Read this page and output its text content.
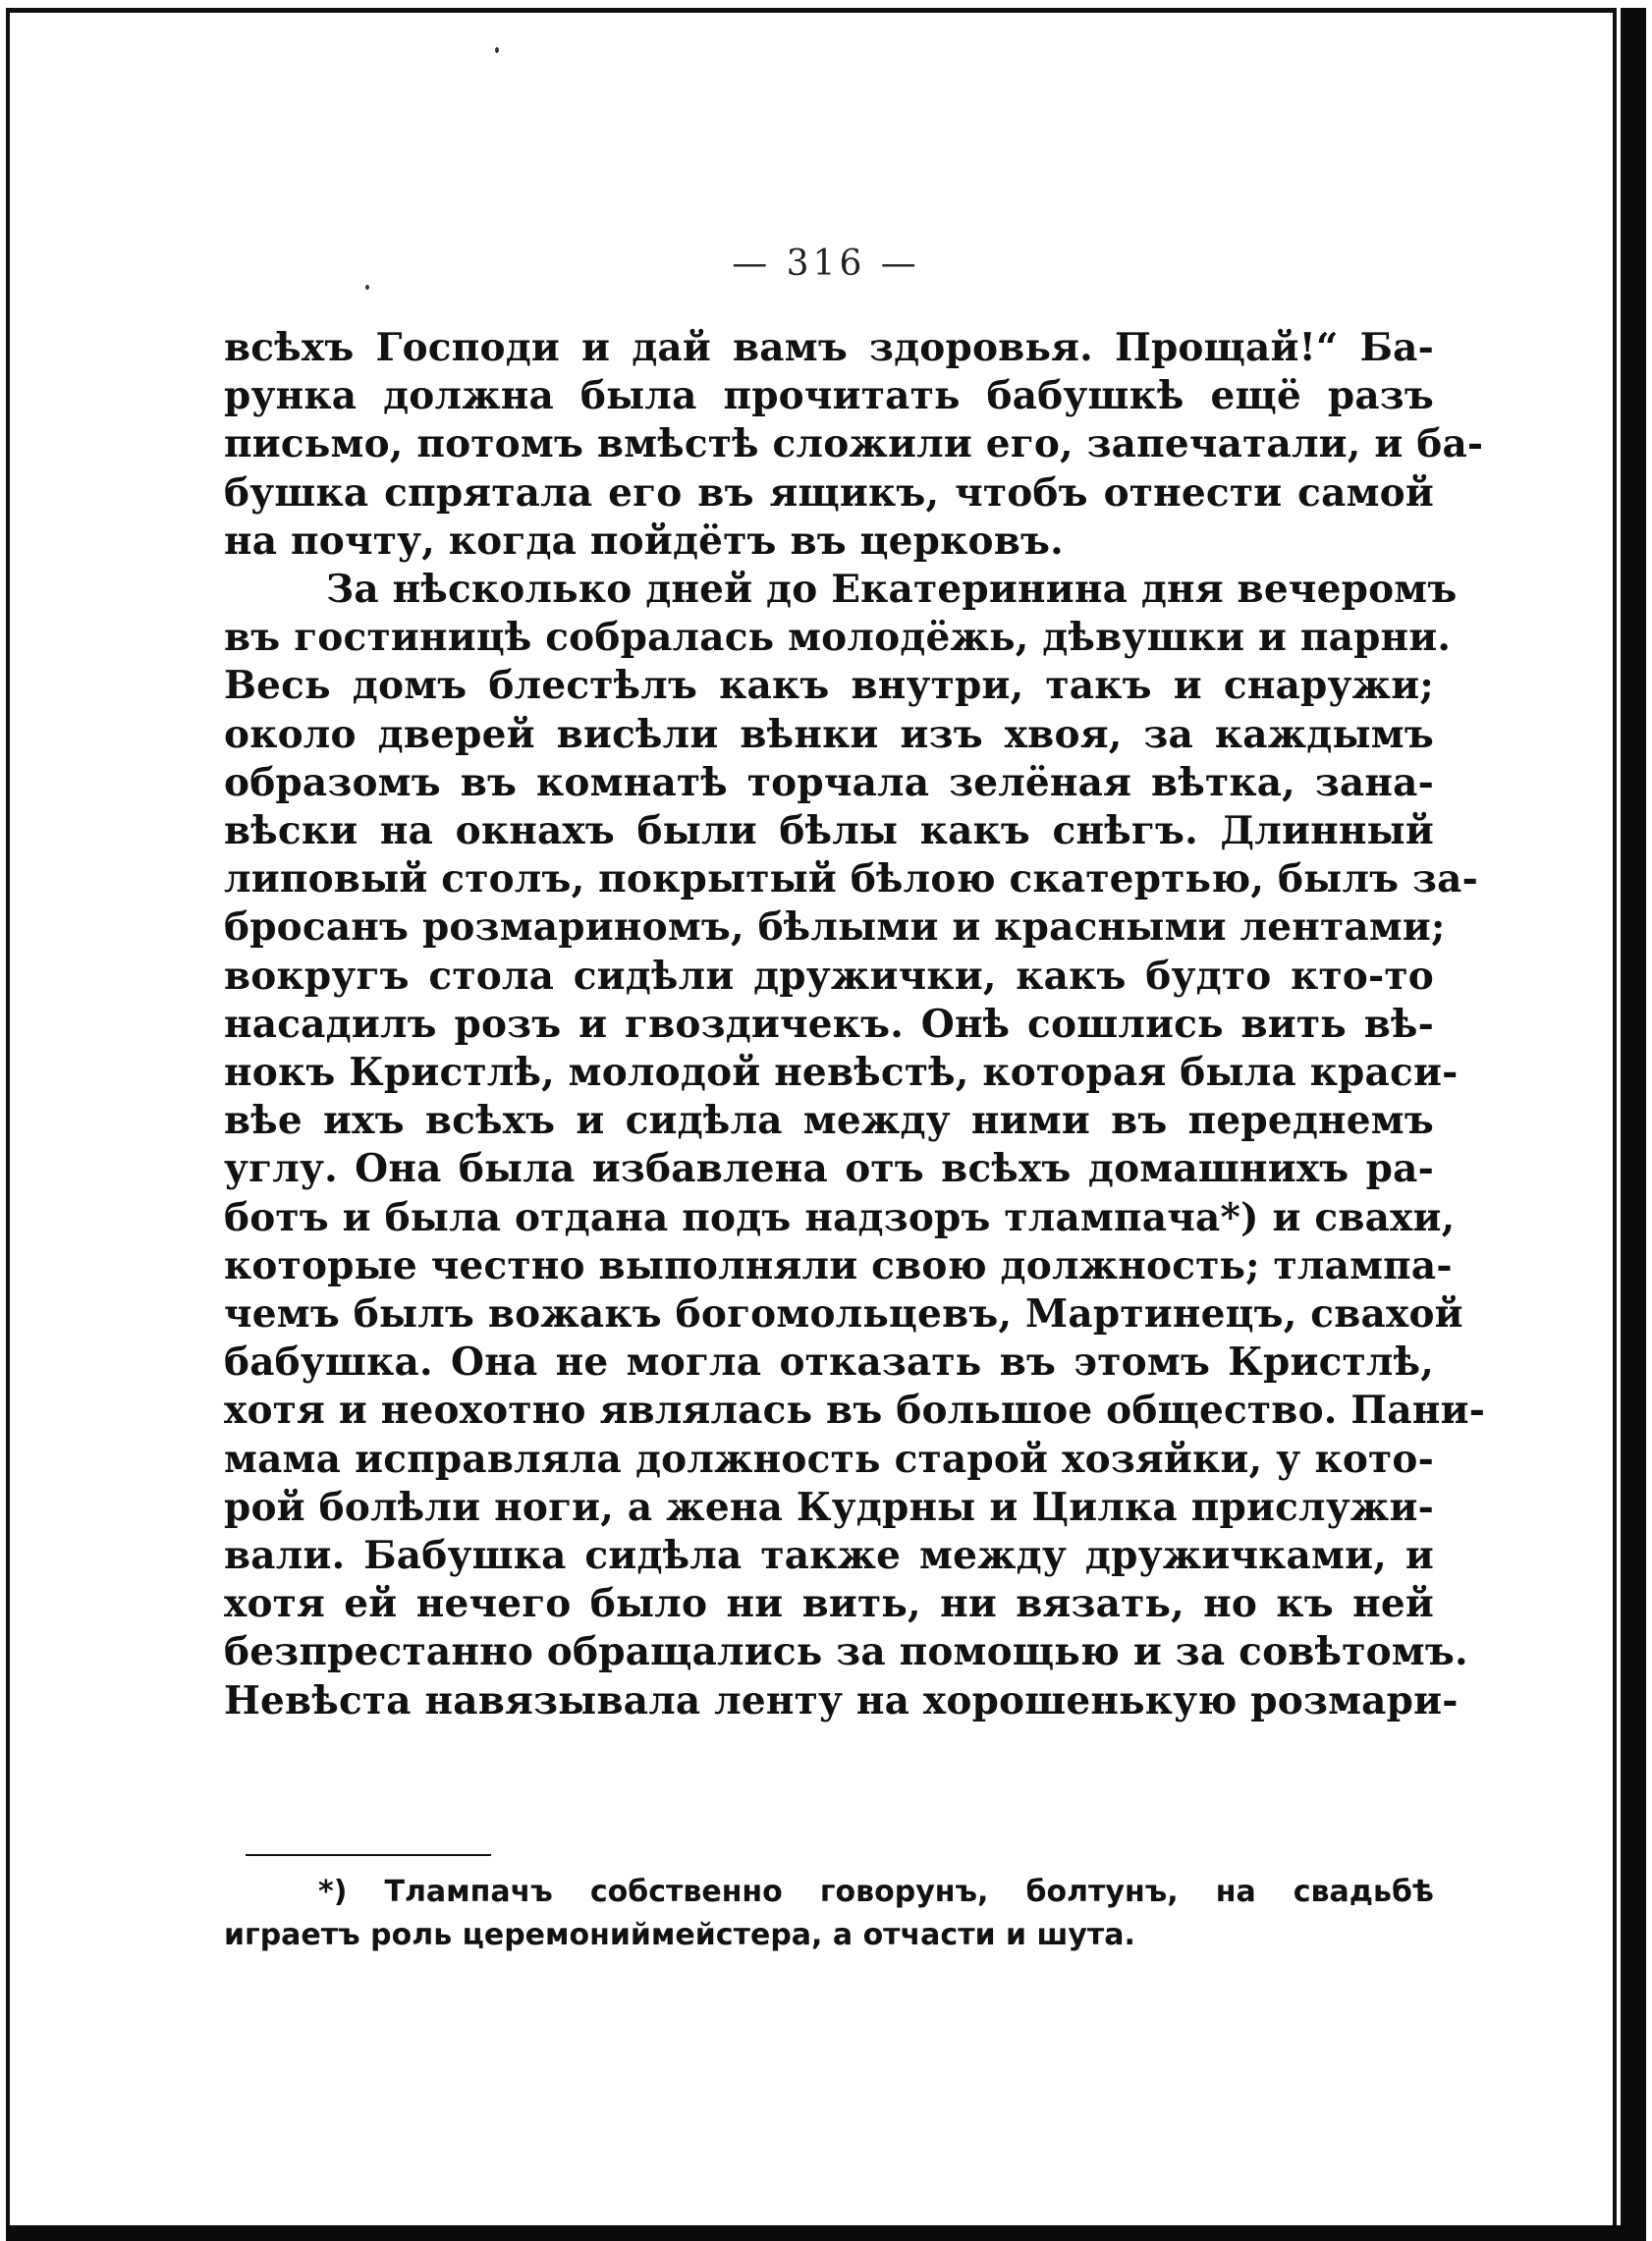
— 316 —
всѣхъ Господи и дай вамъ здоровья. Прощай!“ Ба-
рунка должна была прочитать бабушкѣ ещё разъ
письмо, потомъ вмѣстѣ сложили его, запечатали, и ба-
бушка спрятала его въ ящикъ, чтобъ отнести самой
на почту, когда пойдётъ въ церковъ.
За нѣсколько дней до Екатеринина дня вечеромъ
въ гостиницѣ собралась молодёжь, дѣвушки и парни.
Весь домъ блестѣлъ какъ внутри, такъ и снаружи;
около дверей висѣли вѣнки изъ хвоя, за каждымъ
образомъ въ комнатѣ торчала зелёная вѣтка, зана-
вѣски на окнахъ были бѣлы какъ снѣгъ. Длинный
липовый столъ, покрытый бѣлою скатертью, былъ за-
бросанъ розмариномъ, бѣлыми и красными лентами;
вокругъ стола сидѣли дружички, какъ будто кто-то
насадилъ розъ и гвоздичекъ. Онѣ сошлись вить вѣ-
нокъ Кристлѣ, молодой невѣстѣ, которая была краси-
вѣе ихъ всѣхъ и сидѣла между ними въ переднемъ
углу. Она была избавлена отъ всѣхъ домашнихъ ра-
ботъ и была отдана подъ надзоръ тлампача*) и свахи,
которые честно выполняли свою должность; тлампа-
чемъ былъ вожакъ богомольцевъ, Мартинецъ, свахой
бабушка. Она не могла отказать въ этомъ Кристлѣ,
хотя и неохотно являлась въ большое общество. Пани-
мама исправляла должность старой хозяйки, у кото-
рой болѣли ноги, а жена Кудрны и Цилка прислужи-
вали. Бабушка сидѣла также между дружичками, и
хотя ей нечего было ни вить, ни вязать, но къ ней
безпрестанно обращались за помощью и за совѣтомъ.
Невѣста навязывала ленту на хорошенькую розмари-
*) Тлампачъ собственно говорунъ, болтунъ, на свадьбѣ
играетъ роль церемониймейстера, а отчасти и шута.
